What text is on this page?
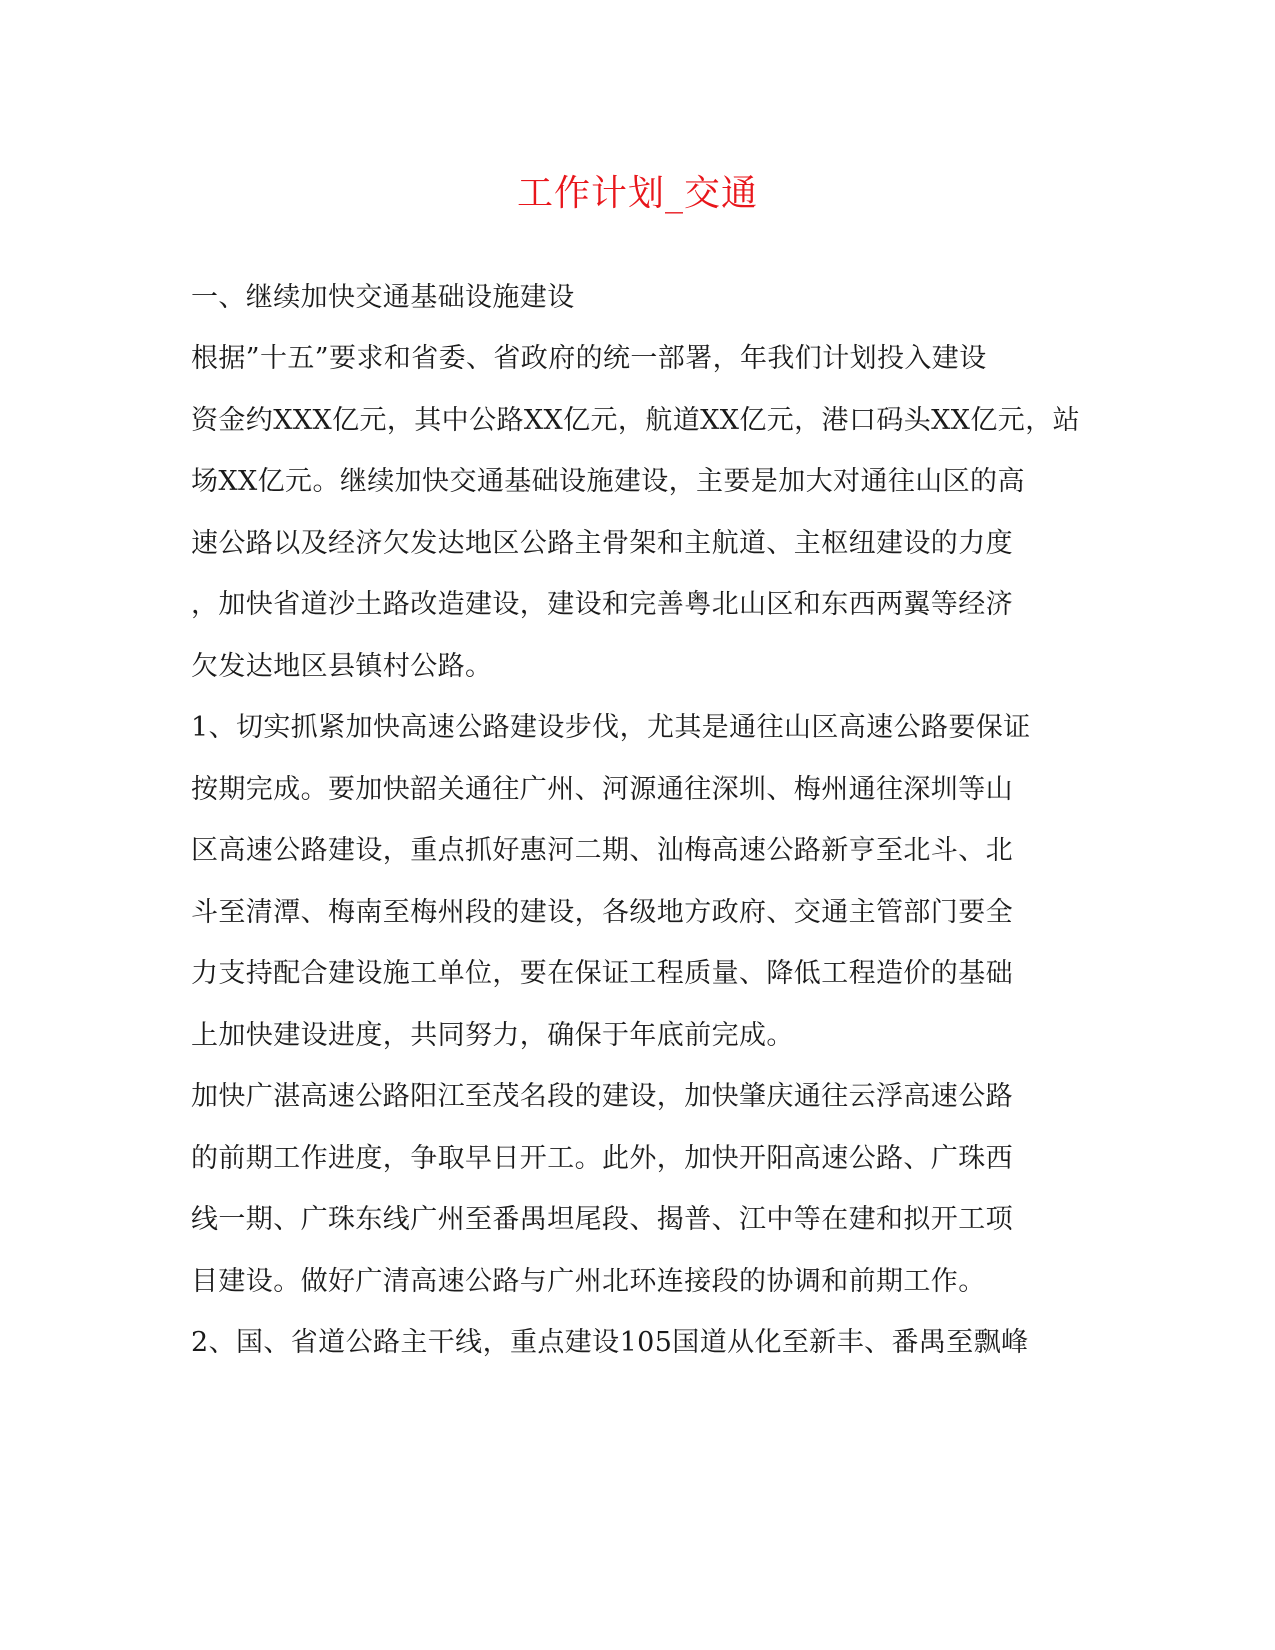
工作计划_交通
一、继续加快交通基础设施建设
根据”十五”要求和省委、省政府的统一部署，年我们计划投入建设
资金约XXX亿元，其中公路XX亿元，航道XX亿元，港口码头XX亿元，站
场XX亿元。继续加快交通基础设施建设，主要是加大对通往山区的高
速公路以及经济欠发达地区公路主骨架和主航道、主枢纽建设的力度
，加快省道沙土路改造建设，建设和完善粤北山区和东西两翼等经济
欠发达地区县镇村公路。
1、切实抓紧加快高速公路建设步伐，尤其是通往山区高速公路要保证
按期完成。要加快韶关通往广州、河源通往深圳、梅州通往深圳等山
区高速公路建设，重点抓好惠河二期、汕梅高速公路新亨至北斗、北
斗至清潭、梅南至梅州段的建设，各级地方政府、交通主管部门要全
力支持配合建设施工单位，要在保证工程质量、降低工程造价的基础
上加快建设进度，共同努力，确保于年底前完成。
加快广湛高速公路阳江至茂名段的建设，加快肇庆通往云浮高速公路
的前期工作进度，争取早日开工。此外，加快开阳高速公路、广珠西
线一期、广珠东线广州至番禺坦尾段、揭普、江中等在建和拟开工项
目建设。做好广清高速公路与广州北环连接段的协调和前期工作。
2、国、省道公路主干线，重点建设105国道从化至新丰、番禺至飘峰
